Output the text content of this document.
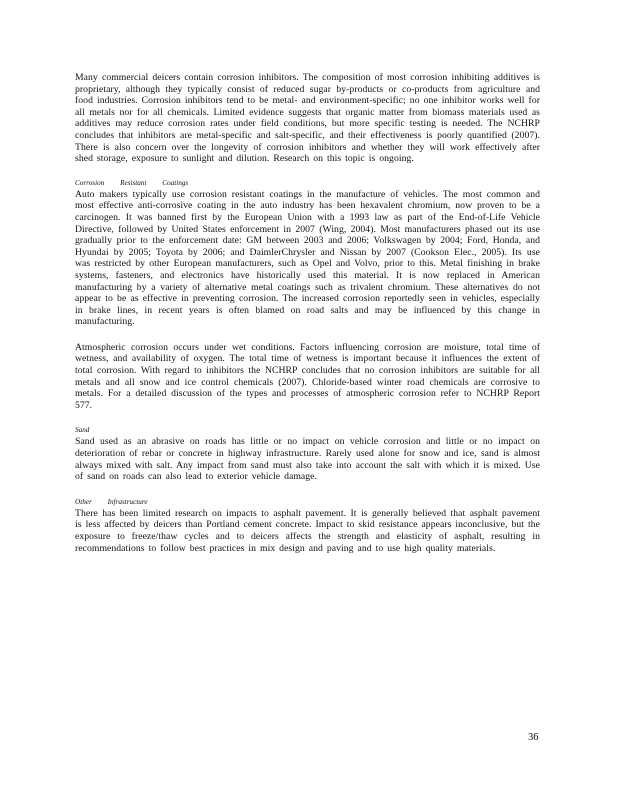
Many commercial deicers contain corrosion inhibitors. The composition of most corrosion inhibiting additives is proprietary, although they typically consist of reduced sugar by-products or co-products from agriculture and food industries. Corrosion inhibitors tend to be metal- and environment-specific; no one inhibitor works well for all metals nor for all chemicals. Limited evidence suggests that organic matter from biomass materials used as additives may reduce corrosion rates under field conditions, but more specific testing is needed. The NCHRP concludes that inhibitors are metal-specific and salt-specific, and their effectiveness is poorly quantified (2007). There is also concern over the longevity of corrosion inhibitors and whether they will work effectively after shed storage, exposure to sunlight and dilution. Research on this topic is ongoing.

Corrosion Resistant Coatings

Auto makers typically use corrosion resistant coatings in the manufacture of vehicles. The most common and most effective anti-corrosive coating in the auto industry has been hexavalent chromium, now proven to be a carcinogen. It was banned first by the European Union with a 1993 law as part of the End-of-Life Vehicle Directive, followed by United States enforcement in 2007 (Wing, 2004). Most manufacturers phased out its use gradually prior to the enforcement date: GM between 2003 and 2006; Volkswagen by 2004; Ford, Honda, and Hyundai by 2005; Toyota by 2006; and DaimlerChrysler and Nissan by 2007 (Cookson Elec., 2005). Its use was restricted by other European manufacturers, such as Opel and Volvo, prior to this. Metal finishing in brake systems, fasteners, and electronics have historically used this material. It is now replaced in American manufacturing by a variety of alternative metal coatings such as trivalent chromium. These alternatives do not appear to be as effective in preventing corrosion. The increased corrosion reportedly seen in vehicles, especially in brake lines, in recent years is often blamed on road salts and may be influenced by this change in manufacturing.

Atmospheric corrosion occurs under wet conditions. Factors influencing corrosion are moisture, total time of wetness, and availability of oxygen. The total time of wetness is important because it influences the extent of total corrosion. With regard to inhibitors the NCHRP concludes that no corrosion inhibitors are suitable for all metals and all snow and ice control chemicals (2007). Chloride-based winter road chemicals are corrosive to metals. For a detailed discussion of the types and processes of atmospheric corrosion refer to NCHRP Report 577.

Sand

Sand used as an abrasive on roads has little or no impact on vehicle corrosion and little or no impact on deterioration of rebar or concrete in highway infrastructure. Rarely used alone for snow and ice, sand is almost always mixed with salt. Any impact from sand must also take into account the salt with which it is mixed. Use of sand on roads can also lead to exterior vehicle damage.

Other Infrastructure

There has been limited research on impacts to asphalt pavement. It is generally believed that asphalt pavement is less affected by deicers than Portland cement concrete. Impact to skid resistance appears inconclusive, but the exposure to freeze/thaw cycles and to deicers affects the strength and elasticity of asphalt, resulting in recommendations to follow best practices in mix design and paving and to use high quality materials.

36
